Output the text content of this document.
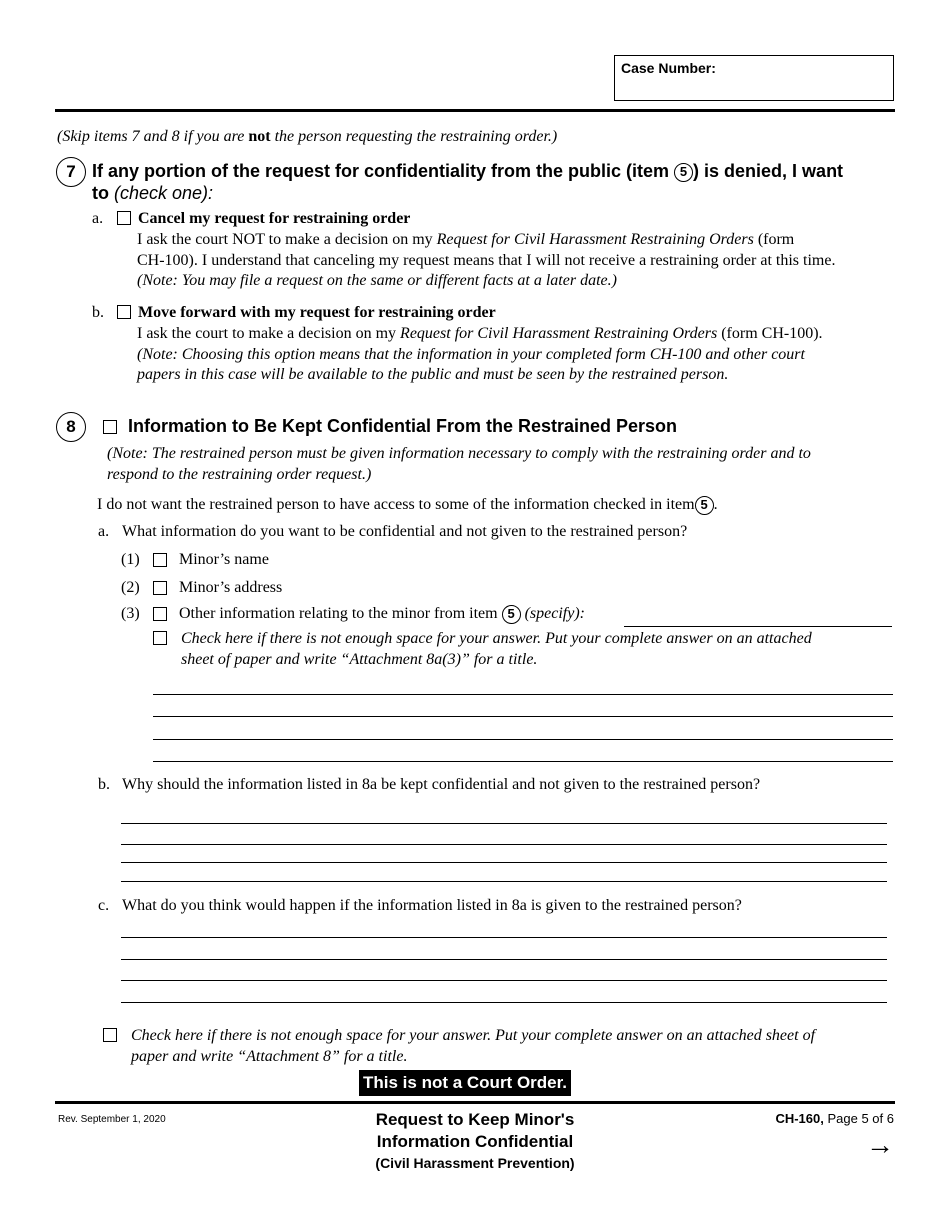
Case Number:
(Skip items 7 and 8 if you are not the person requesting the restraining order.)
7 If any portion of the request for confidentiality from the public (item 5 ) is denied, I want
to (check one):
a. Cancel my request for restraining order
I ask the court NOT to make a decision on my Request for Civil Harassment Restraining Orders (form
CH-100). I understand that canceling my request means that I will not receive a restraining order at this time.
(Note: You may file a request on the same or different facts at a later date.)
b. Move forward with my request for restraining order
I ask the court to make a decision on my Request for Civil Harassment Restraining Orders (form CH-100).
(Note: Choosing this option means that the information in your completed form CH-100 and other court
papers in this case will be available to the public and must be seen by the restrained person.
8	Information to Be Kept Confidential From the Restrained Person
(Note: The restrained person must be given information necessary to comply with the restraining order and to
respond to the restraining order request.)
I do not want the restrained person to have access to some of the information checked in item 5 .
a. What information do you want to be confidential and not given to the restrained person?
(1) Minor’s name
(2) Minor’s address
(3) Other information relating to the minor from item 5 (specify):
Check here if there is not enough space for your answer. Put your complete answer on an attached
sheet of paper and write “Attachment 8a(3)” for a title.
b. Why should the information listed in 8a be kept confidential and not given to the restrained person?
c. What do you think would happen if the information listed in 8a is given to the restrained person?
Check here if there is not enough space for your answer. Put your complete answer on an attached sheet of
paper and write “Attachment 8” for a title.
This is not a Court Order.
Rev. September 1, 2020	Request to Keep Minor's
Information Confidential
(Civil Harassment Prevention)
CH-160, Page 5 of 6
→
